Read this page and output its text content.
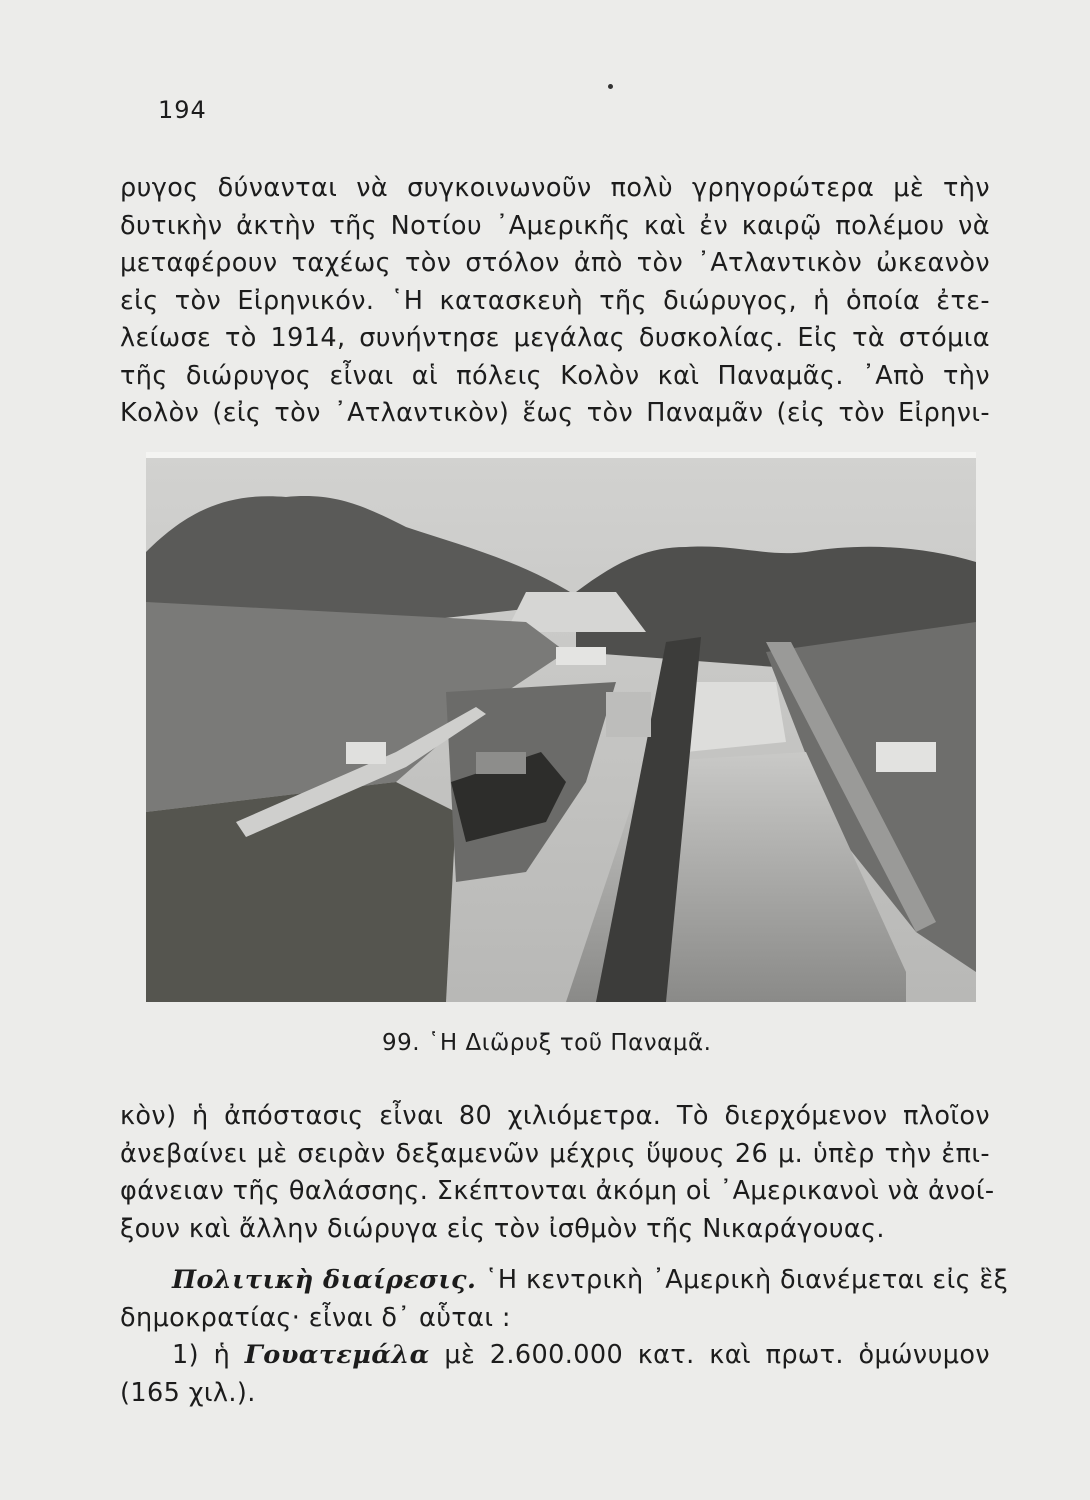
194

ρυγος δύνανται νὰ συγκοινωνοῦν πολὺ γρηγορώτερα μὲ τὴν
δυτικὴν ἀκτὴν τῆς Νοτίου ᾿Αμερικῆς καὶ ἐν καιρῷ πολέμου νὰ
μεταφέρουν ταχέως τὸν στόλον ἀπὸ τὸν ᾿Ατλαντικὸν ὠκεανὸν
εἰς τὸν Εἰρηνικόν. ῾Η κατασκευὴ τῆς διώρυγος, ἡ ὁποία ἐτε-
λείωσε τὸ 1914, συνήντησε μεγάλας δυσκολίας. Εἰς τὰ στόμια
τῆς διώρυγος εἶναι αἱ πόλεις Κολὸν καὶ Παναμᾶς. ᾿Απὸ τὴν
Κολὸν (εἰς τὸν ᾿Ατλαντικὸν) ἕως τὸν Παναμᾶν (εἰς τὸν Εἰρηνι-

99. ῾Η Διῶρυξ τοῦ Παναμᾶ.

κὸν) ἡ ἀπόστασις εἶναι 80 χιλιόμετρα. Τὸ διερχόμενον πλοῖον
ἀνεβαίνει μὲ σειρὰν δεξαμενῶν μέχρις ὕψους 26 μ. ὑπὲρ τὴν ἐπι-
φάνειαν τῆς θαλάσσης. Σκέπτονται ἀκόμη οἱ ᾿Αμερικανοὶ νὰ ἀνοί-
ξουν καὶ ἄλλην διώρυγα εἰς τὸν ἰσθμὸν τῆς Νικαράγουας.

Πολιτικὴ διαίρεσις. ῾Η κεντρικὴ ᾿Αμερικὴ διανέμεται εἰς ἓξ
δημοκρατίας· εἶναι δ᾿ αὗται :
1) ἡ Γουατεμάλα μὲ 2.600.000 κατ. καὶ πρωτ. ὁμώνυμον
(165 χιλ.).
